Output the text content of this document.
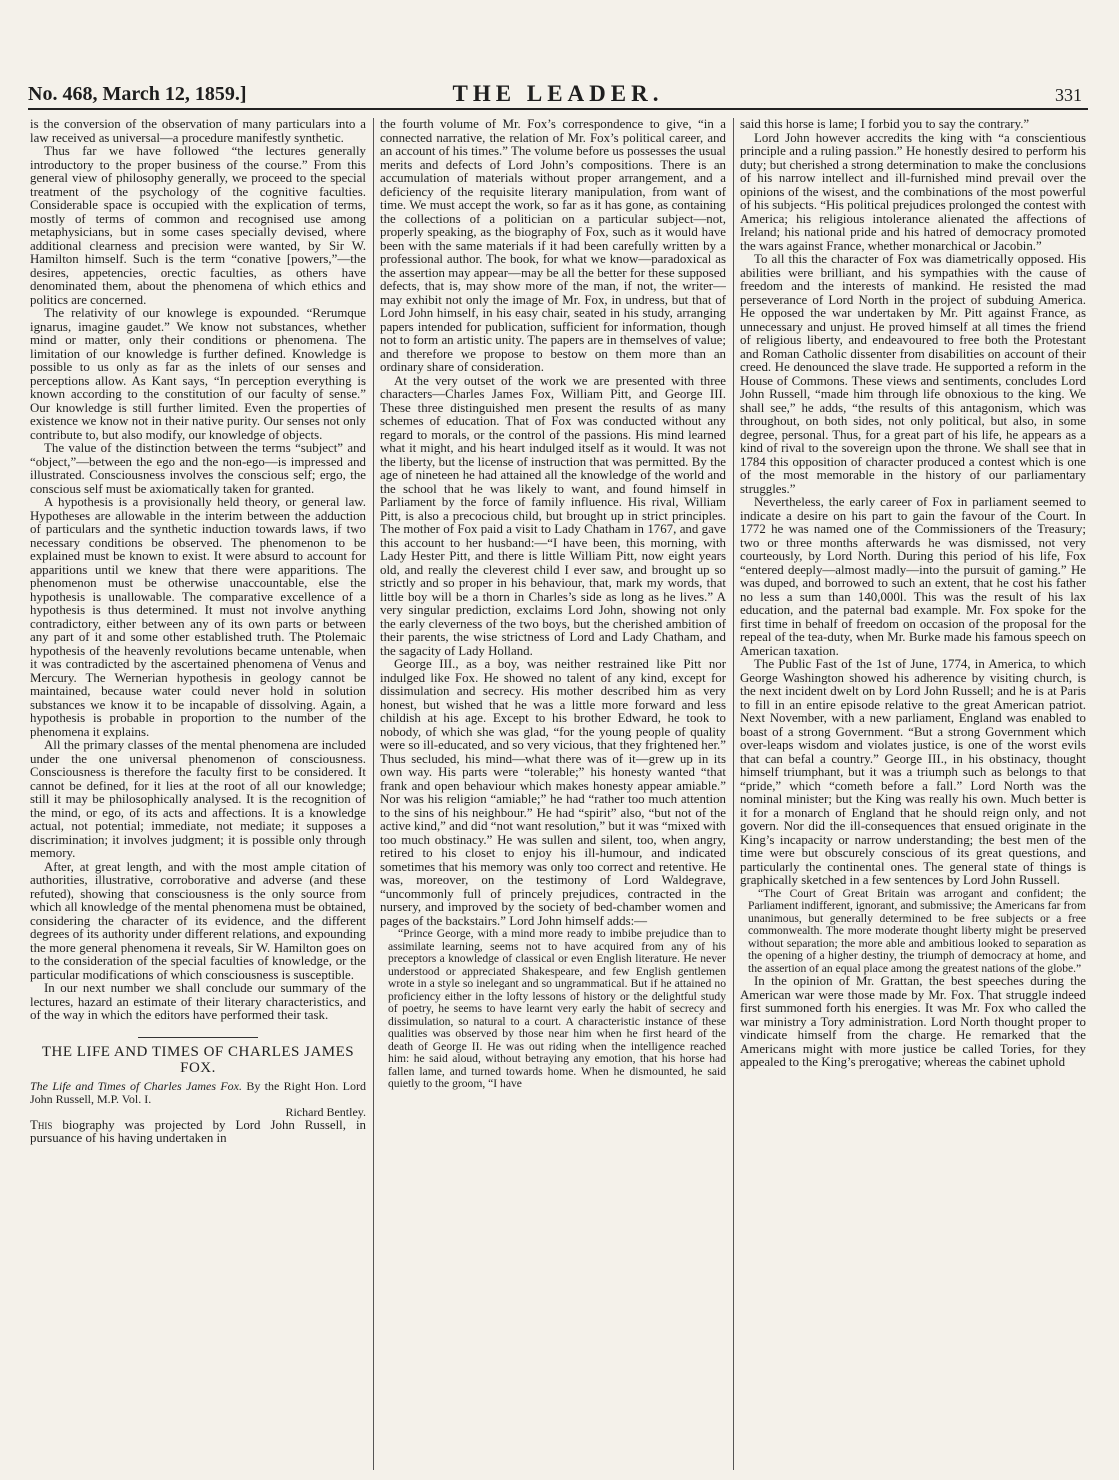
No. 468, March 12, 1859.]	THE LEADER.	331

is the conversion of the observation of many particulars into a law received as universal—a procedure manifestly synthetic.

Thus far we have followed “the lectures generally introductory to the proper business of the course.” From this general view of philosophy generally, we proceed to the special treatment of the psychology of the cognitive faculties. Considerable space is occupied with the explication of terms, mostly of terms of common and recognised use among metaphysicians, but in some cases specially devised, where additional clearness and precision were wanted, by Sir W. Hamilton himself. Such is the term “conative [powers,”—the desires, appetencies, orectic faculties, as others have denominated them, about the phenomena of which ethics and politics are concerned.

The relativity of our knowlege is expounded. “Rerumque ignarus, imagine gaudet.” We know not substances, whether mind or matter, only their conditions or phenomena. The limitation of our knowledge is further defined. Knowledge is possible to us only as far as the inlets of our senses and perceptions allow. As Kant says, “In perception everything is known according to the constitution of our faculty of sense.” Our knowledge is still further limited. Even the properties of existence we know not in their native purity. Our senses not only contribute to, but also modify, our knowledge of objects.

The value of the distinction between the terms “subject” and “object,”—between the ego and the non-ego—is impressed and illustrated. Consciousness involves the conscious self; ergo, the conscious self must be axiomatically taken for granted.

A hypothesis is a provisionally held theory, or general law. Hypotheses are allowable in the interim between the adduction of particulars and the synthetic induction towards laws, if two necessary conditions be observed. The phenomenon to be explained must be known to exist. It were absurd to account for apparitions until we knew that there were apparitions. The phenomenon must be otherwise unaccountable, else the hypothesis is unallowable. The comparative excellence of a hypothesis is thus determined. It must not involve anything contradictory, either between any of its own parts or between any part of it and some other established truth. The Ptolemaic hypothesis of the heavenly revolutions became untenable, when it was contradicted by the ascertained phenomena of Venus and Mercury. The Wernerian hypothesis in geology cannot be maintained, because water could never hold in solution substances we know it to be incapable of dissolving. Again, a hypothesis is probable in proportion to the number of the phenomena it explains.

All the primary classes of the mental phenomena are included under the one universal phenomenon of consciousness. Consciousness is therefore the faculty first to be considered. It cannot be defined, for it lies at the root of all our knowledge; still it may be philosophically analysed. It is the recognition of the mind, or ego, of its acts and affections. It is a knowledge actual, not potential; immediate, not mediate; it supposes a discrimination; it involves judgment; it is possible only through memory.

After, at great length, and with the most ample citation of authorities, illustrative, corroborative and adverse (and these refuted), showing that consciousness is the only source from which all knowledge of the mental phenomena must be obtained, considering the character of its evidence, and the different degrees of its authority under different relations, and expounding the more general phenomena it reveals, Sir W. Hamilton goes on to the consideration of the special faculties of knowledge, or the particular modifications of which consciousness is susceptible.

In our next number we shall conclude our summary of the lectures, hazard an estimate of their literary characteristics, and of the way in which the editors have performed their task.

THE LIFE AND TIMES OF CHARLES JAMES FOX.

The Life and Times of Charles James Fox. By the Right Hon. Lord John Russell, M.P. Vol. I.

Richard Bentley.

This biography was projected by Lord John Russell, in pursuance of his having undertaken in

the fourth volume of Mr. Fox’s correspondence to give, “in a connected narrative, the relation of Mr. Fox’s political career, and an account of his times.” The volume before us possesses the usual merits and defects of Lord John’s compositions. There is an accumulation of materials without proper arrangement, and a deficiency of the requisite literary manipulation, from want of time. We must accept the work, so far as it has gone, as containing the collections of a politician on a particular subject—not, properly speaking, as the biography of Fox, such as it would have been with the same materials if it had been carefully written by a professional author. The book, for what we know—paradoxical as the assertion may appear—may be all the better for these supposed defects, that is, may show more of the man, if not, the writer—may exhibit not only the image of Mr. Fox, in undress, but that of Lord John himself, in his easy chair, seated in his study, arranging papers intended for publication, sufficient for information, though not to form an artistic unity. The papers are in themselves of value; and therefore we propose to bestow on them more than an ordinary share of consideration.

At the very outset of the work we are presented with three characters—Charles James Fox, William Pitt, and George III. These three distinguished men present the results of as many schemes of education. That of Fox was conducted without any regard to morals, or the control of the passions. His mind learned what it might, and his heart indulged itself as it would. It was not the liberty, but the license of instruction that was permitted. By the age of nineteen he had attained all the knowledge of the world and the school that he was likely to want, and found himself in Parliament by the force of family influence. His rival, William Pitt, is also a precocious child, but brought up in strict principles. The mother of Fox paid a visit to Lady Chatham in 1767, and gave this account to her husband:—“I have been, this morning, with Lady Hester Pitt, and there is little William Pitt, now eight years old, and really the cleverest child I ever saw, and brought up so strictly and so proper in his behaviour, that, mark my words, that little boy will be a thorn in Charles’s side as long as he lives.” A very singular prediction, exclaims Lord John, showing not only the early cleverness of the two boys, but the cherished ambition of their parents, the wise strictness of Lord and Lady Chatham, and the sagacity of Lady Holland.

George III., as a boy, was neither restrained like Pitt nor indulged like Fox. He showed no talent of any kind, except for dissimulation and secrecy. His mother described him as very honest, but wished that he was a little more forward and less childish at his age. Except to his brother Edward, he took to nobody, of which she was glad, “for the young people of quality were so ill-educated, and so very vicious, that they frightened her.” Thus secluded, his mind—what there was of it—grew up in its own way. His parts were “tolerable;” his honesty wanted “that frank and open behaviour which makes honesty appear amiable.” Nor was his religion “amiable;” he had “rather too much attention to the sins of his neighbour.” He had “spirit” also, “but not of the active kind,” and did “not want resolution,” but it was “mixed with too much obstinacy.” He was sullen and silent, too, when angry, retired to his closet to enjoy his ill-humour, and indicated sometimes that his memory was only too correct and retentive. He was, moreover, on the testimony of Lord Waldegrave, “uncommonly full of princely prejudices, contracted in the nursery, and improved by the society of bed-chamber women and pages of the backstairs.” Lord John himself adds:—

“Prince George, with a mind more ready to imbibe prejudice than to assimilate learning, seems not to have acquired from any of his preceptors a knowledge of classical or even English literature. He never understood or appreciated Shakespeare, and few English gentlemen wrote in a style so inelegant and so ungrammatical. But if he attained no proficiency either in the lofty lessons of history or the delightful study of poetry, he seems to have learnt very early the habit of secrecy and dissimulation, so natural to a court. A characteristic instance of these qualities was observed by those near him when he first heard of the death of George II. He was out riding when the intelligence reached him: he said aloud, without betraying any emotion, that his horse had fallen lame, and turned towards home. When he dismounted, he said quietly to the groom, “I have

said this horse is lame; I forbid you to say the contrary.”

Lord John however accredits the king with “a conscientious principle and a ruling passion.” He honestly desired to perform his duty; but cherished a strong determination to make the conclusions of his narrow intellect and ill-furnished mind prevail over the opinions of the wisest, and the combinations of the most powerful of his subjects. “His political prejudices prolonged the contest with America; his religious intolerance alienated the affections of Ireland; his national pride and his hatred of democracy promoted the wars against France, whether monarchical or Jacobin.”

To all this the character of Fox was diametrically opposed. His abilities were brilliant, and his sympathies with the cause of freedom and the interests of mankind. He resisted the mad perseverance of Lord North in the project of subduing America. He opposed the war undertaken by Mr. Pitt against France, as unnecessary and unjust. He proved himself at all times the friend of religious liberty, and endeavoured to free both the Protestant and Roman Catholic dissenter from disabilities on account of their creed. He denounced the slave trade. He supported a reform in the House of Commons. These views and sentiments, concludes Lord John Russell, “made him through life obnoxious to the king. We shall see,” he adds, “the results of this antagonism, which was throughout, on both sides, not only political, but also, in some degree, personal. Thus, for a great part of his life, he appears as a kind of rival to the sovereign upon the throne. We shall see that in 1784 this opposition of character produced a contest which is one of the most memorable in the history of our parliamentary struggles.”

Nevertheless, the early career of Fox in parliament seemed to indicate a desire on his part to gain the favour of the Court. In 1772 he was named one of the Commissioners of the Treasury; two or three months afterwards he was dismissed, not very courteously, by Lord North. During this period of his life, Fox “entered deeply—almost madly—into the pursuit of gaming.” He was duped, and borrowed to such an extent, that he cost his father no less a sum than 140,000l. This was the result of his lax education, and the paternal bad example. Mr. Fox spoke for the first time in behalf of freedom on occasion of the proposal for the repeal of the tea-duty, when Mr. Burke made his famous speech on American taxation.

The Public Fast of the 1st of June, 1774, in America, to which George Washington showed his adherence by visiting church, is the next incident dwelt on by Lord John Russell; and he is at Paris to fill in an entire episode relative to the great American patriot. Next November, with a new parliament, England was enabled to boast of a strong Government. “But a strong Government which over-leaps wisdom and violates justice, is one of the worst evils that can befal a country.” George III., in his obstinacy, thought himself triumphant, but it was a triumph such as belongs to that “pride,” which “cometh before a fall.” Lord North was the nominal minister; but the King was really his own. Much better is it for a monarch of England that he should reign only, and not govern. Nor did the ill-consequences that ensued originate in the King’s incapacity or narrow understanding; the best men of the time were but obscurely conscious of its great questions, and particularly the continental ones. The general state of things is graphically sketched in a few sentences by Lord John Russell.

“The Court of Great Britain was arrogant and confident; the Parliament indifferent, ignorant, and submissive; the Americans far from unanimous, but generally determined to be free subjects or a free commonwealth. The more moderate thought liberty might be preserved without separation; the more able and ambitious looked to separation as the opening of a higher destiny, the triumph of democracy at home, and the assertion of an equal place among the greatest nations of the globe.”

In the opinion of Mr. Grattan, the best speeches during the American war were those made by Mr. Fox. That struggle indeed first summoned forth his energies. It was Mr. Fox who called the war ministry a Tory administration. Lord North thought proper to vindicate himself from the charge. He remarked that the Americans might with more justice be called Tories, for they appealed to the King’s prerogative; whereas the cabinet uphold
